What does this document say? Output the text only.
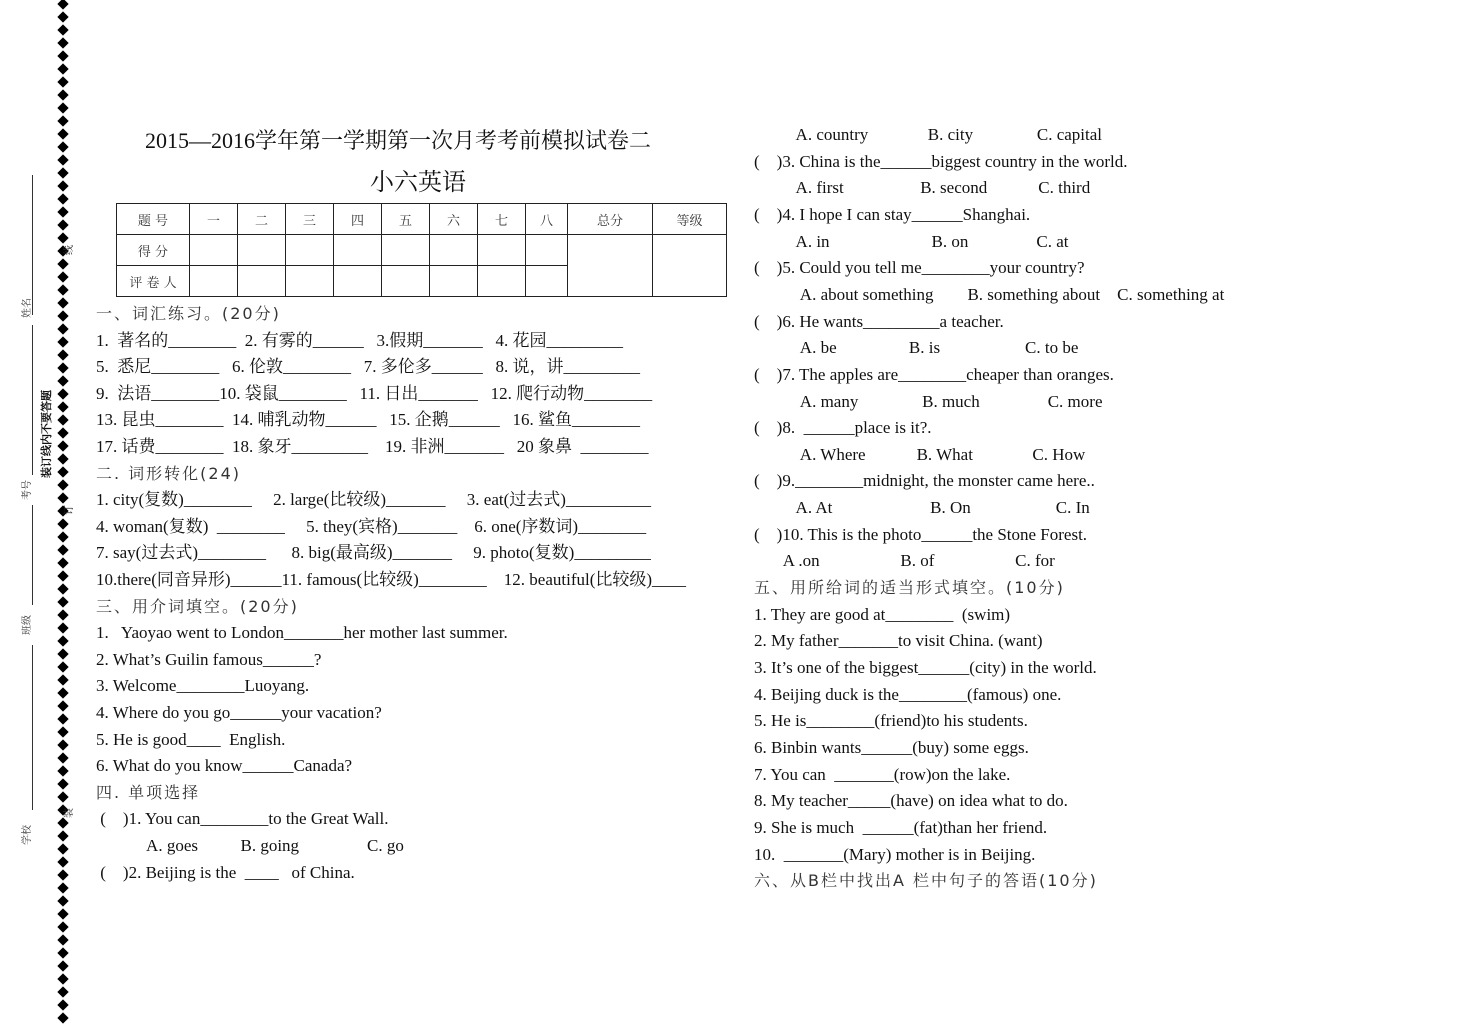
姓名
线
装订线内不要答题
考号
订
班级
学校
装
2015—2016学年第一学期第一次月考考前模拟试卷二
小六英语
题 号	一	二	三	四	五	六	七	八	总分	等级
得 分										
评 卷 人										
一、词汇练习。(20分)
1.  著名的________  2. 有雾的______   3.假期_______   4. 花园_________
5.  悉尼________   6. 伦敦________   7. 多伦多______   8. 说，讲_________
9.  法语________10. 袋鼠________   11. 日出_______   12. 爬行动物________
13. 昆虫________  14. 哺乳动物______   15. 企鹅______   16. 鲨鱼________
17. 话费________  18. 象牙_________    19. 非洲_______   20 象鼻  ________
二. 词形转化(24)
1. city(复数)________     2. large(比较级)_______     3. eat(过去式)__________
4. woman(复数)  ________     5. they(宾格)_______    6. one(序数词)________
7. say(过去式)________      8. big(最高级)_______     9. photo(复数)_________
10.there(同音异形)______11. famous(比较级)________    12. beautiful(比较级)____
三、用介词填空。(20分)
1.   Yaoyao went to London_______her mother last summer.
2. What’s Guilin famous______?
3. Welcome________Luoyang.
4. Where do you go______your vacation?
5. He is good____  English.
6. What do you know______Canada?
四. 单项选择
(    )1. You can________to the Great Wall.
A. goes          B. going                C. go
(    )2. Beijing is the  ____   of China.
A. country              B. city               C. capital
(    )3. China is the______biggest country in the world.
A. first                  B. second            C. third
(    )4. I hope I can stay______Shanghai.
A. in                        B. on                C. at
(    )5. Could you tell me________your country?
A. about something        B. something about    C. something at
(    )6. He wants_________a teacher.
A. be                 B. is                    C. to be
(    )7. The apples are________cheaper than oranges.
A. many               B. much                C. more
(    )8.  ______place is it?.
A. Where            B. What              C. How
(    )9.________midnight, the monster came here..
A. At                       B. On                    C. In
(    )10. This is the photo______the Stone Forest.
A .on                   B. of                   C. for
五、用所给词的适当形式填空。(10分)
1. They are good at________  (swim)
2. My father_______to visit China. (want)
3. It’s one of the biggest______(city) in the world.
4. Beijing duck is the________(famous) one.
5. He is________(friend)to his students.
6. Binbin wants______(buy) some eggs.
7. You can  _______(row)on the lake.
8. My teacher_____(have) on idea what to do.
9. She is much  ______(fat)than her friend.
10.  _______(Mary) mother is in Beijing.
六、从B栏中找出A 栏中句子的答语(10分)
